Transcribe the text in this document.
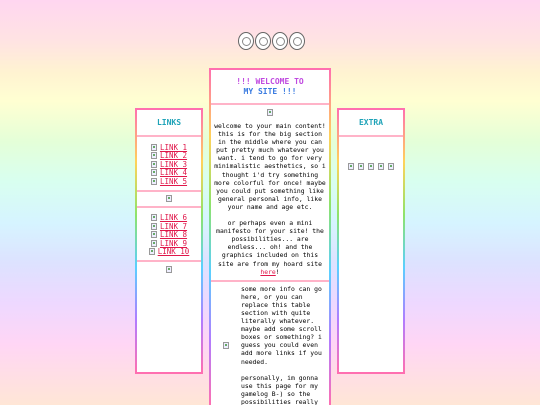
LINKS
LINK 1
LINK 2
LINK 3
LINK 4
LINK 5
LINK 6
LINK 7
LINK 8
LINK 9
LINK 10
!!! WELCOME TO
MY SITE !!!

welcome to your main content! this is for the big section in the middle where you can put pretty much whatever you want. i tend to go for very minimalistic aesthetics, so i thought i'd try something more colorful for once! maybe you could put something like general personal info, like your name and age etc.

or perhaps even a mini manifesto for your site! the possibilities... are endless... oh! and the graphics included on this site are from my hoard site here!

some more info can go here, or you can replace this table section with quite literally whatever. maybe add some scroll boxes or something? i guess you could even add more links if you needed.

personally, im gonna use this page for my gamelog B-) so the possibilities really

EXTRA
